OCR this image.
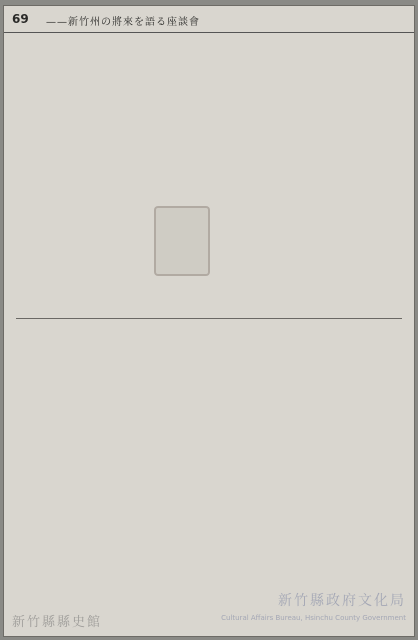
69 ——新竹州の將來を語る座談會
新竹縣政府文化局
Cultural Affairs Bureau, Hsinchu County Government
新竹縣縣史館
